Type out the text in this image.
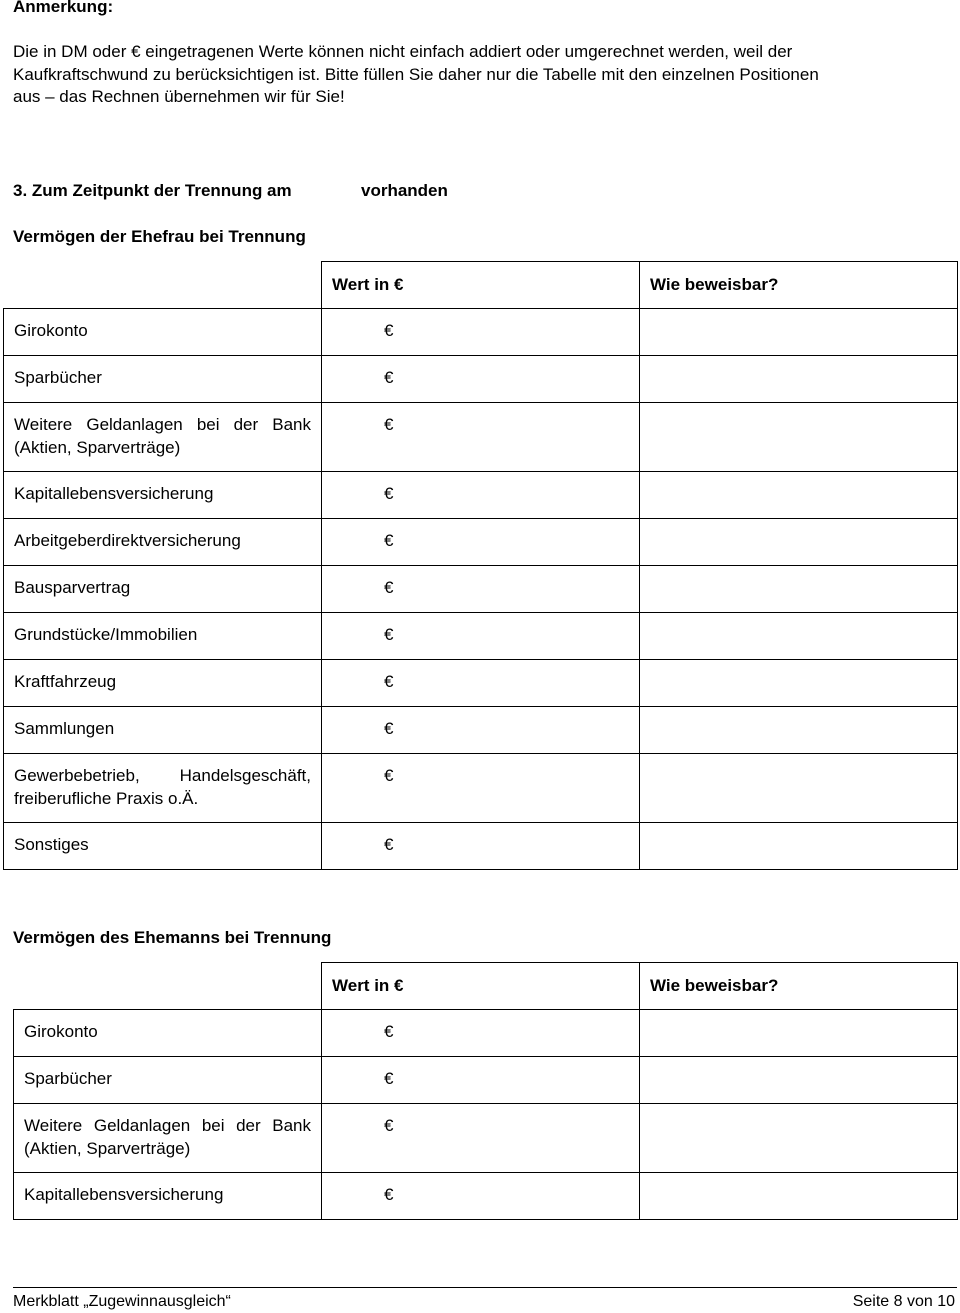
Anmerkung:
Die in DM oder € eingetragenen Werte können nicht einfach addiert oder umgerechnet werden, weil der
Kaufkraftschwund zu berücksichtigen ist. Bitte füllen Sie daher nur die Tabelle mit den einzelnen Positionen
aus – das Rechnen übernehmen wir für Sie!
3. Zum Zeitpunkt der Trennung am	vorhanden
Vermögen der Ehefrau bei Trennung
	Wert in €	Wie beweisbar?
Girokonto	€	
Sparbücher	€	

Weitere Geldanlagen bei der Bank
(Aktien, Sparverträge)	€	
Kapitallebensversicherung	€	
Arbeitgeberdirektversicherung	€	
Bausparvertrag	€	
Grundstücke/Immobilien	€	
Kraftfahrzeug	€	
Sammlungen	€	

Gewerbebetrieb, Handelsgeschäft,
freiberufliche Praxis o.Ä.	€	
Sonstiges	€	
Vermögen des Ehemanns bei Trennung
	Wert in €	Wie beweisbar?
Girokonto	€	
Sparbücher	€	

Weitere Geldanlagen bei der Bank
(Aktien, Sparverträge)	€	
Kapitallebensversicherung	€	
Merkblatt „Zugewinnausgleich“	Seite 8 von 10
